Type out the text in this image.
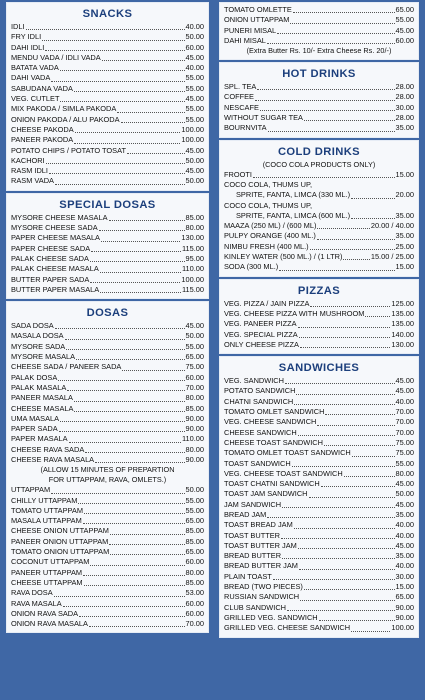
SNACKS
IDLI	40.00
FRY IDLI	50.00
DAHI IDLI	60.00
MENDU VADA / IDLI VADA	45.00
BATATA VADA	40.00
DAHI VADA	55.00
SABUDANA VADA	55.00
VEG. CUTLET	45.00
MIX PAKODA / SIMLA PAKODA	55.00
ONION PAKODA / ALU PAKODA	55.00
CHEESE PAKODA	100.00
PANEER PAKODA	100.00
POTATO CHIPS / POTATO TOSAT	45.00
KACHORI	50.00
RASM IDLI	45.00
RASM VADA	50.00
SPECIAL DOSAS
MYSORE CHEESE MASALA	85.00
MYSORE CHEESE SADA	80.00
PAPER CHEESE MASALA	130.00
PAPER CHEESE SADA	115.00
PALAK CHEESE SADA	95.00
PALAK CHEESE MASALA	110.00
BUTTER PAPER SADA	100.00
BUTTER PAPER MASALA	115.00
DOSAS
SADA DOSA	45.00
MASALA DOSA	50.00
MYSORE SADA	55.00
MYSORE MASALA	65.00
CHEESE SADA / PANEER SADA	75.00
PALAK DOSA	60.00
PALAK MASALA	70.00
PANEER MASALA	80.00
CHEESE MASALA	85.00
UMA MASALA	90.00
PAPER SADA	90.00
PAPER MASALA	110.00
CHEESE RAVA SADA	80.00
CHEESE RAVA MASALA	90.00
(ALLOW 15 MINUTES OF PREPARTION
FOR UTTAPPAM, RAVA, OMLETS.)
UTTAPPAM	50.00
CHILLY UTTAPPAM	55.00
TOMATO UTTAPPAM	55.00
MASALA UTTAPPAM	65.00
CHEESE ONION UTTAPPAM	85.00
PANEER ONION UTTAPPAM	85.00
TOMATO ONION UTTAPPAM	65.00
COCONUT UTTAPPAM	60.00
PANEER UTTAPPAM	80.00
CHEESE UTTAPPAM	85.00
RAVA DOSA	53.00
RAVA MASALA	60.00
ONION RAVA SADA	60.00
ONION RAVA MASALA	70.00
TOMATO OMLETTE	65.00
ONION UTTAPPAM	55.00
PUNERI MISAL	45.00
DAHI MISAL	60.00
(Extra Butter Rs. 10/- Extra Cheese Rs. 20/-)
HOT DRINKS
SPL. TEA	28.00
COFFEE	28.00
NESCAFE	30.00
WITHOUT SUGAR TEA	28.00
BOURNVITA	35.00
COLD DRINKS
(COCO COLA PRODUCTS ONLY)
FROOTI	15.00
COCO COLA, THUMS UP,
SPRITE, FANTA, LIMCA (330 ML.)	20.00
COCO COLA, THUMS UP,
SPRITE, FANTA, LIMCA (600 ML.)	35.00
MAAZA (250 ML) / (600 ML)	20.00 / 40.00
PULPY ORANGE (400 ML.)	35.00
NIMBU FRESH (400 ML.)	25.00
KINLEY WATER (500 ML.) / (1 LTR)	15.00 / 25.00
SODA (300 ML.)	15.00
PIZZAS
VEG. PIZZA / JAIN PIZZA	125.00
VEG. CHEESE PIZZA WITH MUSHROOM	135.00
VEG. PANEER PIZZA	135.00
VEG. SPECIAL PIZZA	140.00
ONLY CHEESE PIZZA	130.00
SANDWICHES
VEG. SANDWICH	45.00
POTATO SANDWICH	45.00
CHATNI SANDWICH	40.00
TOMATO OMLET SANDWICH	70.00
VEG. CHEESE SANDWICH	70.00
CHEESE SANDWICH	70.00
CHEESE TOAST SANDWICH	75.00
TOMATO OMLET TOAST SANDWICH	75.00
TOAST SANDWICH	55.00
VEG. CHEESE TOAST SANDWICH	80.00
TOAST CHATNI SANDWICH	45.00
TOAST JAM SANDWICH	50.00
JAM SANDWICH	45.00
BREAD JAM	35.00
TOAST BREAD JAM	40.00
TOAST BUTTER	40.00
TOAST BUTTER JAM	45.00
BREAD BUTTER	35.00
BREAD BUTTER JAM	40.00
PLAIN TOAST	30.00
BREAD (TWO PIECES)	15.00
RUSSIAN SANDWICH	65.00
CLUB SANDWICH	90.00
GRILLED VEG. SANDWICH	90.00
GRILLED VEG. CHEESE SANDWICH	100.00
